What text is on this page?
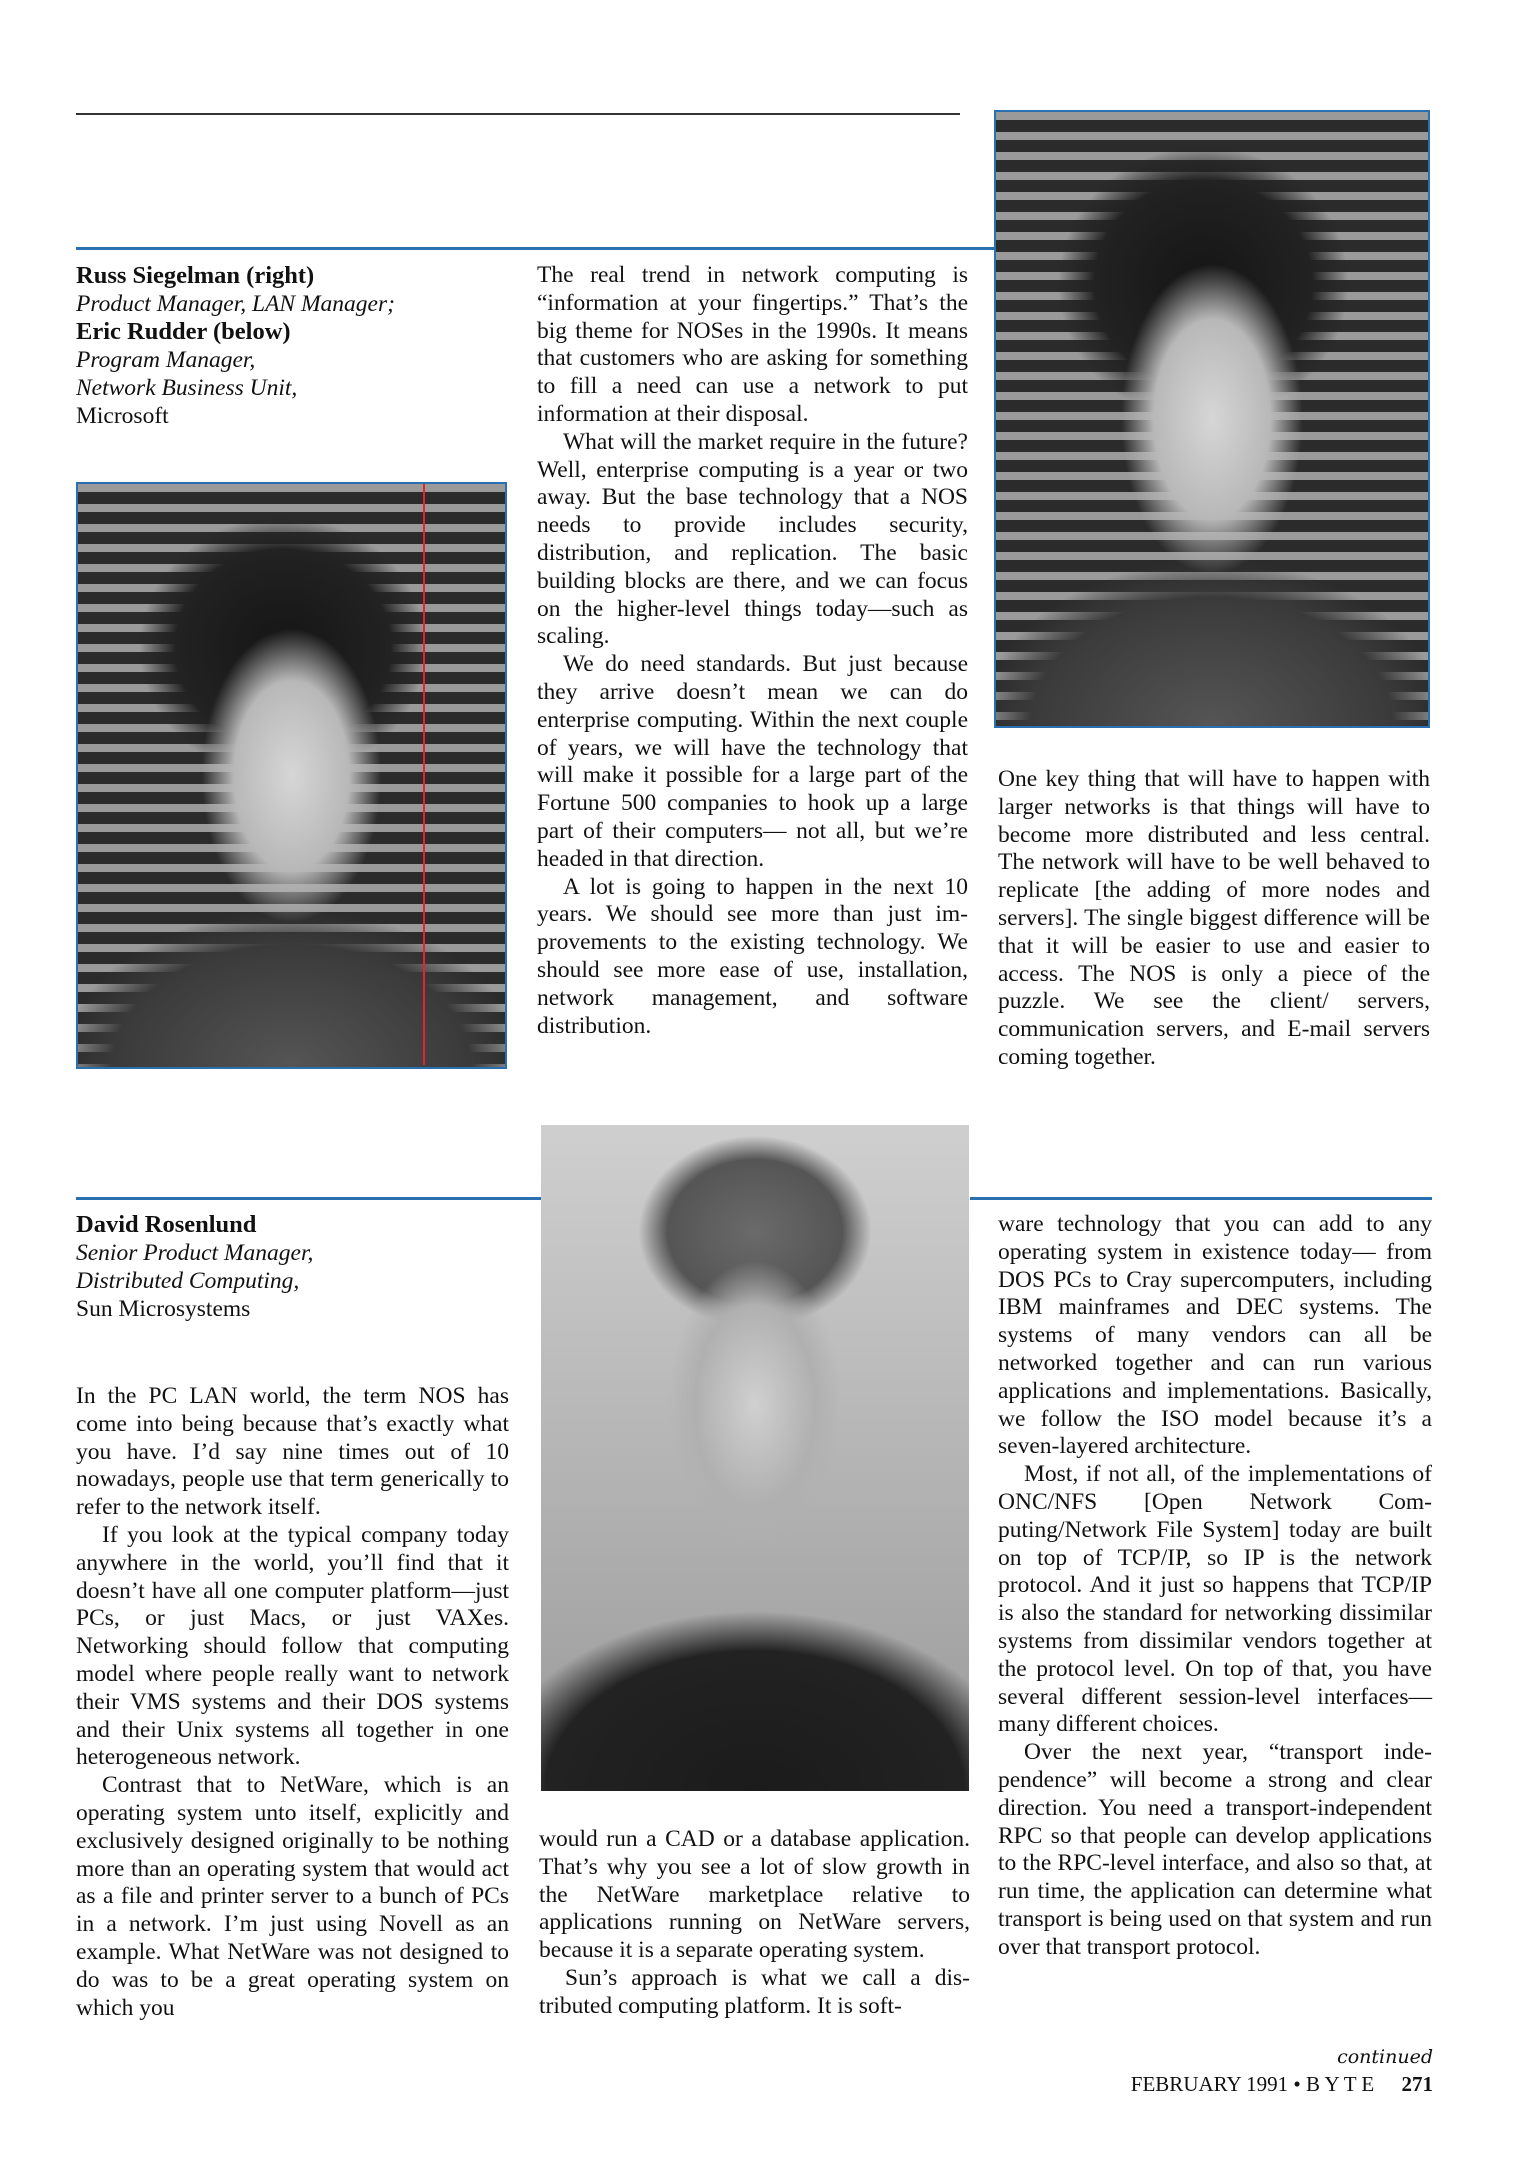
Russ Siegelman (right)
Product Manager, LAN Manager;
Eric Rudder (below)
Program Manager,
Network Business Unit,
Microsoft

The real trend in network computing is “information at your fingertips.” That’s the big theme for NOSes in the 1990s. It means that customers who are asking for something to fill a need can use a network to put information at their disposal.

What will the market require in the future? Well, enterprise computing is a year or two away. But the base technology that a NOS needs to provide includes security, distribution, and replication. The basic building blocks are there, and we can focus on the higher-level things today—such as scaling.

We do need standards. But just because they arrive doesn’t mean we can do enterprise computing. Within the next couple of years, we will have the technology that will make it possible for a large part of the Fortune 500 companies to hook up a large part of their computers— not all, but we’re headed in that direction.

A lot is going to happen in the next 10 years. We should see more than just improvements to the existing technology. We should see more ease of use, installation, network management, and software distribution.

One key thing that will have to happen with larger networks is that things will have to become more distributed and less central. The network will have to be well behaved to replicate [the adding of more nodes and servers]. The single biggest difference will be that it will be easier to use and easier to access. The NOS is only a piece of the puzzle. We see the client/ servers, communication servers, and E-mail servers coming together.

David Rosenlund
Senior Product Manager,
Distributed Computing,
Sun Microsystems

In the PC LAN world, the term NOS has come into being because that’s exactly what you have. I’d say nine times out of 10 nowadays, people use that term generically to refer to the network itself.

If you look at the typical company today anywhere in the world, you’ll find that it doesn’t have all one computer platform—just PCs, or just Macs, or just VAXes. Networking should follow that computing model where people really want to network their VMS systems and their DOS systems and their Unix systems all together in one heterogeneous network.

Contrast that to NetWare, which is an operating system unto itself, explicitly and exclusively designed originally to be nothing more than an operating system that would act as a file and printer server to a bunch of PCs in a network. I’m just using Novell as an example. What NetWare was not designed to do was to be a great operating system on which you

would run a CAD or a database application. That’s why you see a lot of slow growth in the NetWare marketplace relative to applications running on NetWare servers, because it is a separate operating system.

Sun’s approach is what we call a distributed computing platform. It is soft-

ware technology that you can add to any operating system in existence today— from DOS PCs to Cray supercomputers, including IBM mainframes and DEC systems. The systems of many vendors can all be networked together and can run various applications and implementations. Basically, we follow the ISO model because it’s a seven-layered architecture.

Most, if not all, of the implementations of ONC/NFS [Open Network Computing/Network File System] today are built on top of TCP/IP, so IP is the network protocol. And it just so happens that TCP/IP is also the standard for networking dissimilar systems from dissimilar vendors together at the protocol level. On top of that, you have several different session-level interfaces—many different choices.

Over the next year, “transport independence” will become a strong and clear direction. You need a transport-independent RPC so that people can develop applications to the RPC-level interface, and also so that, at run time, the application can determine what transport is being used on that system and run over that transport protocol.

continued
FEBRUARY 1991 • B Y T E 271
